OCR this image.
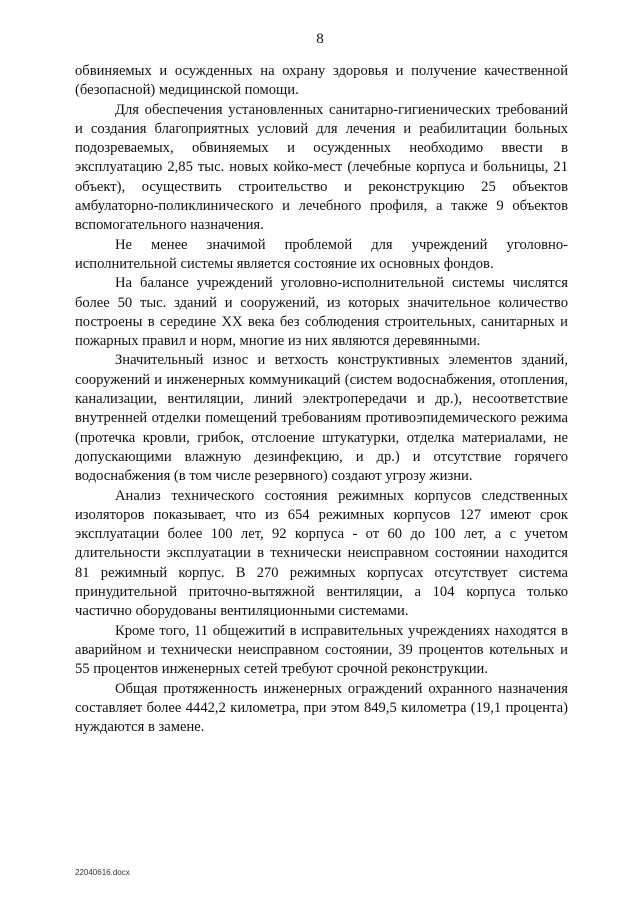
8

обвиняемых и осужденных на охрану здоровья и получение качественной (безопасной) медицинской помощи.

Для обеспечения установленных санитарно-гигиенических требований и создания благоприятных условий для лечения и реабилитации больных подозреваемых, обвиняемых и осужденных необходимо ввести в эксплуатацию 2,85 тыс. новых койко-мест (лечебные корпуса и больницы, 21 объект), осуществить строительство и реконструкцию 25 объектов амбулаторно-поликлинического и лечебного профиля, а также 9 объектов вспомогательного назначения.

Не менее значимой проблемой для учреждений уголовно-исполнительной системы является состояние их основных фондов.

На балансе учреждений уголовно-исполнительной системы числятся более 50 тыс. зданий и сооружений, из которых значительное количество построены в середине XX века без соблюдения строительных, санитарных и пожарных правил и норм, многие из них являются деревянными.

Значительный износ и ветхость конструктивных элементов зданий, сооружений и инженерных коммуникаций (систем водоснабжения, отопления, канализации, вентиляции, линий электропередачи и др.), несоответствие внутренней отделки помещений требованиям противоэпидемического режима (протечка кровли, грибок, отслоение штукатурки, отделка материалами, не допускающими влажную дезинфекцию, и др.) и отсутствие горячего водоснабжения (в том числе резервного) создают угрозу жизни.

Анализ технического состояния режимных корпусов следственных изоляторов показывает, что из 654 режимных корпусов 127 имеют срок эксплуатации более 100 лет, 92 корпуса - от 60 до 100 лет, а с учетом длительности эксплуатации в технически неисправном состоянии находится 81 режимный корпус. В 270 режимных корпусах отсутствует система принудительной приточно-вытяжной вентиляции, а 104 корпуса только частично оборудованы вентиляционными системами.

Кроме того, 11 общежитий в исправительных учреждениях находятся в аварийном и технически неисправном состоянии, 39 процентов котельных и 55 процентов инженерных сетей требуют срочной реконструкции.

Общая протяженность инженерных ограждений охранного назначения составляет более 4442,2 километра, при этом 849,5 километра (19,1 процента) нуждаются в замене.

22040616.docx
